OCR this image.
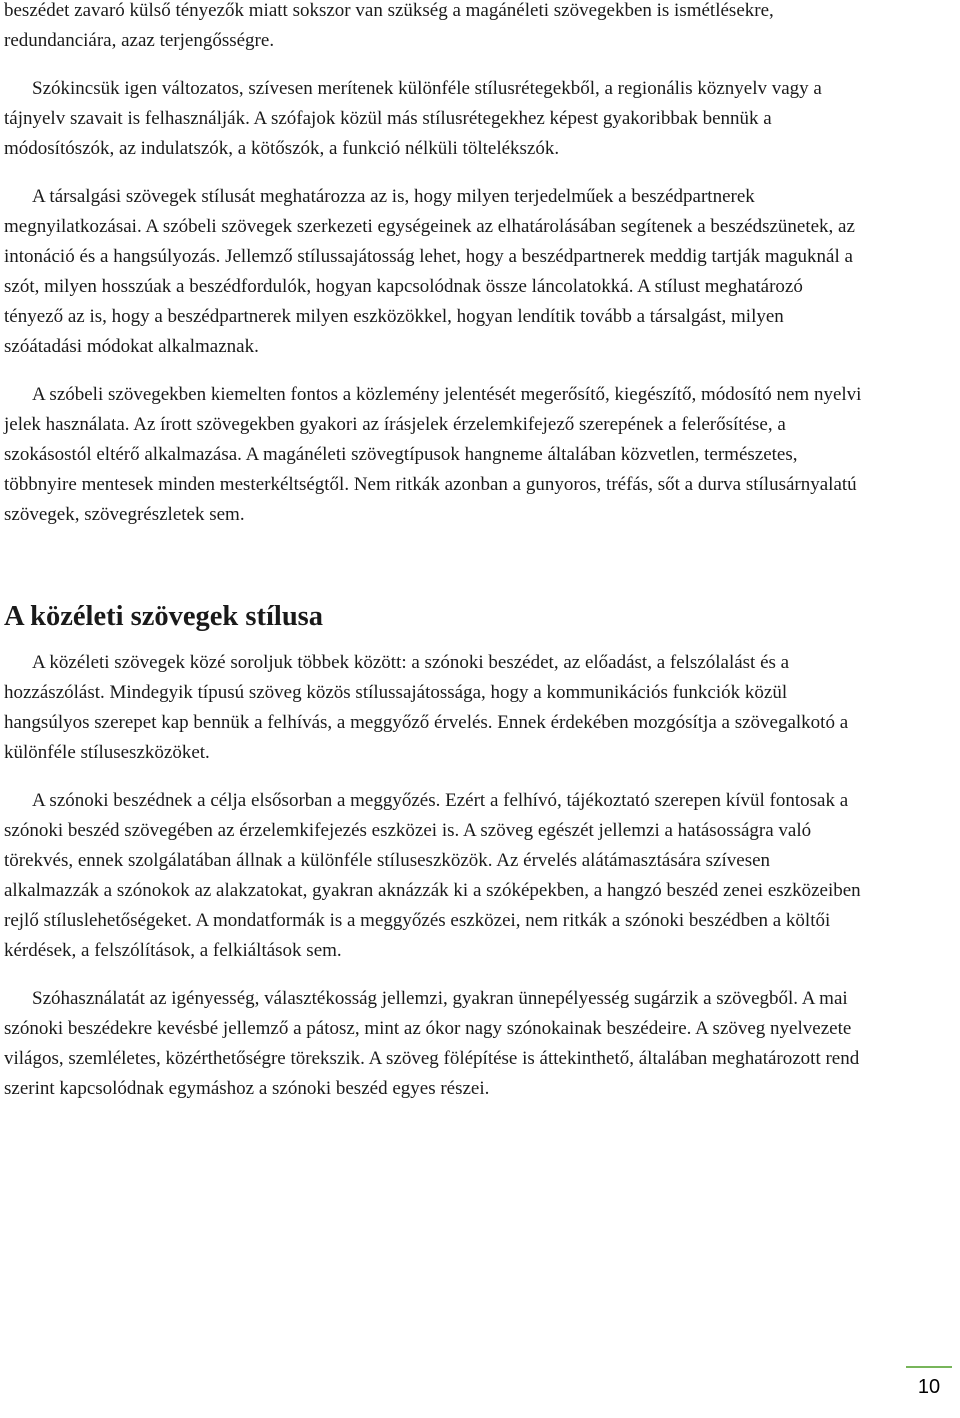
beszédet zavaró külső tényezők miatt sokszor van szükség a magánéleti szövegekben is ismétlésekre, redundanciára, azaz terjengősségre.

Szókincsük igen változatos, szívesen merítenek különféle stílusrétegekből, a regionális köznyelv vagy a tájnyelv szavait is felhasználják. A szófajok közül más stílusrétegekhez képest gyakoribbak bennük a módosítószók, az indulatszók, a kötőszók, a funkció nélküli töltelékszók.

A társalgási szövegek stílusát meghatározza az is, hogy milyen terjedelműek a beszédpartnerek megnyilatkozásai. A szóbeli szövegek szerkezeti egységeinek az elhatárolásában segítenek a beszédszünetek, az intonáció és a hangsúlyozás. Jellemző stílussajátosság lehet, hogy a beszédpartnerek meddig tartják maguknál a szót, milyen hosszúak a beszédfordulók, hogyan kapcsolódnak össze láncolatokká. A stílust meghatározó tényező az is, hogy a beszédpartnerek milyen eszközökkel, hogyan lendítik tovább a társalgást, milyen szóátadási módokat alkalmaznak.

A szóbeli szövegekben kiemelten fontos a közlemény jelentését megerősítő, kiegészítő, módosító nem nyelvi jelek használata. Az írott szövegekben gyakori az írásjelek érzelemkifejező szerepének a felerősítése, a szokásostól eltérő alkalmazása. A magánéleti szövegtípusok hangneme általában közvetlen, természetes, többnyire mentesek minden mesterkéltségtől. Nem ritkák azonban a gunyoros, tréfás, sőt a durva stílusárnyalatú szövegek, szövegrészletek sem.

A közéleti szövegek stílusa

A közéleti szövegek közé soroljuk többek között: a szónoki beszédet, az előadást, a felszólalást és a hozzászólást. Mindegyik típusú szöveg közös stílussajátossága, hogy a kommunikációs funkciók közül hangsúlyos szerepet kap bennük a felhívás, a meggyőző érvelés. Ennek érdekében mozgósítja a szövegalkotó a különféle stíluseszközöket.

A szónoki beszédnek a célja elsősorban a meggyőzés. Ezért a felhívó, tájékoztató szerepen kívül fontosak a szónoki beszéd szövegében az érzelemkifejezés eszközei is. A szöveg egészét jellemzi a hatásosságra való törekvés, ennek szolgálatában állnak a különféle stíluseszközök. Az érvelés alátámasztására szívesen alkalmazzák a szónokok az alakzatokat, gyakran aknázzák ki a szóképekben, a hangzó beszéd zenei eszközeiben rejlő stíluslehetőségeket. A mondatformák is a meggyőzés eszközei, nem ritkák a szónoki beszédben a költői kérdések, a felszólítások, a felkiáltások sem.

Szóhasználatát az igényesség, választékosság jellemzi, gyakran ünnepélyesség sugárzik a szövegből. A mai szónoki beszédekre kevésbé jellemző a pátosz, mint az ókor nagy szónokainak beszédeire. A szöveg nyelvezete világos, szemléletes, közérthetőségre törekszik. A szöveg fölépítése is áttekinthető, általában meghatározott rend szerint kapcsolódnak egymáshoz a szónoki beszéd egyes részei.

10
